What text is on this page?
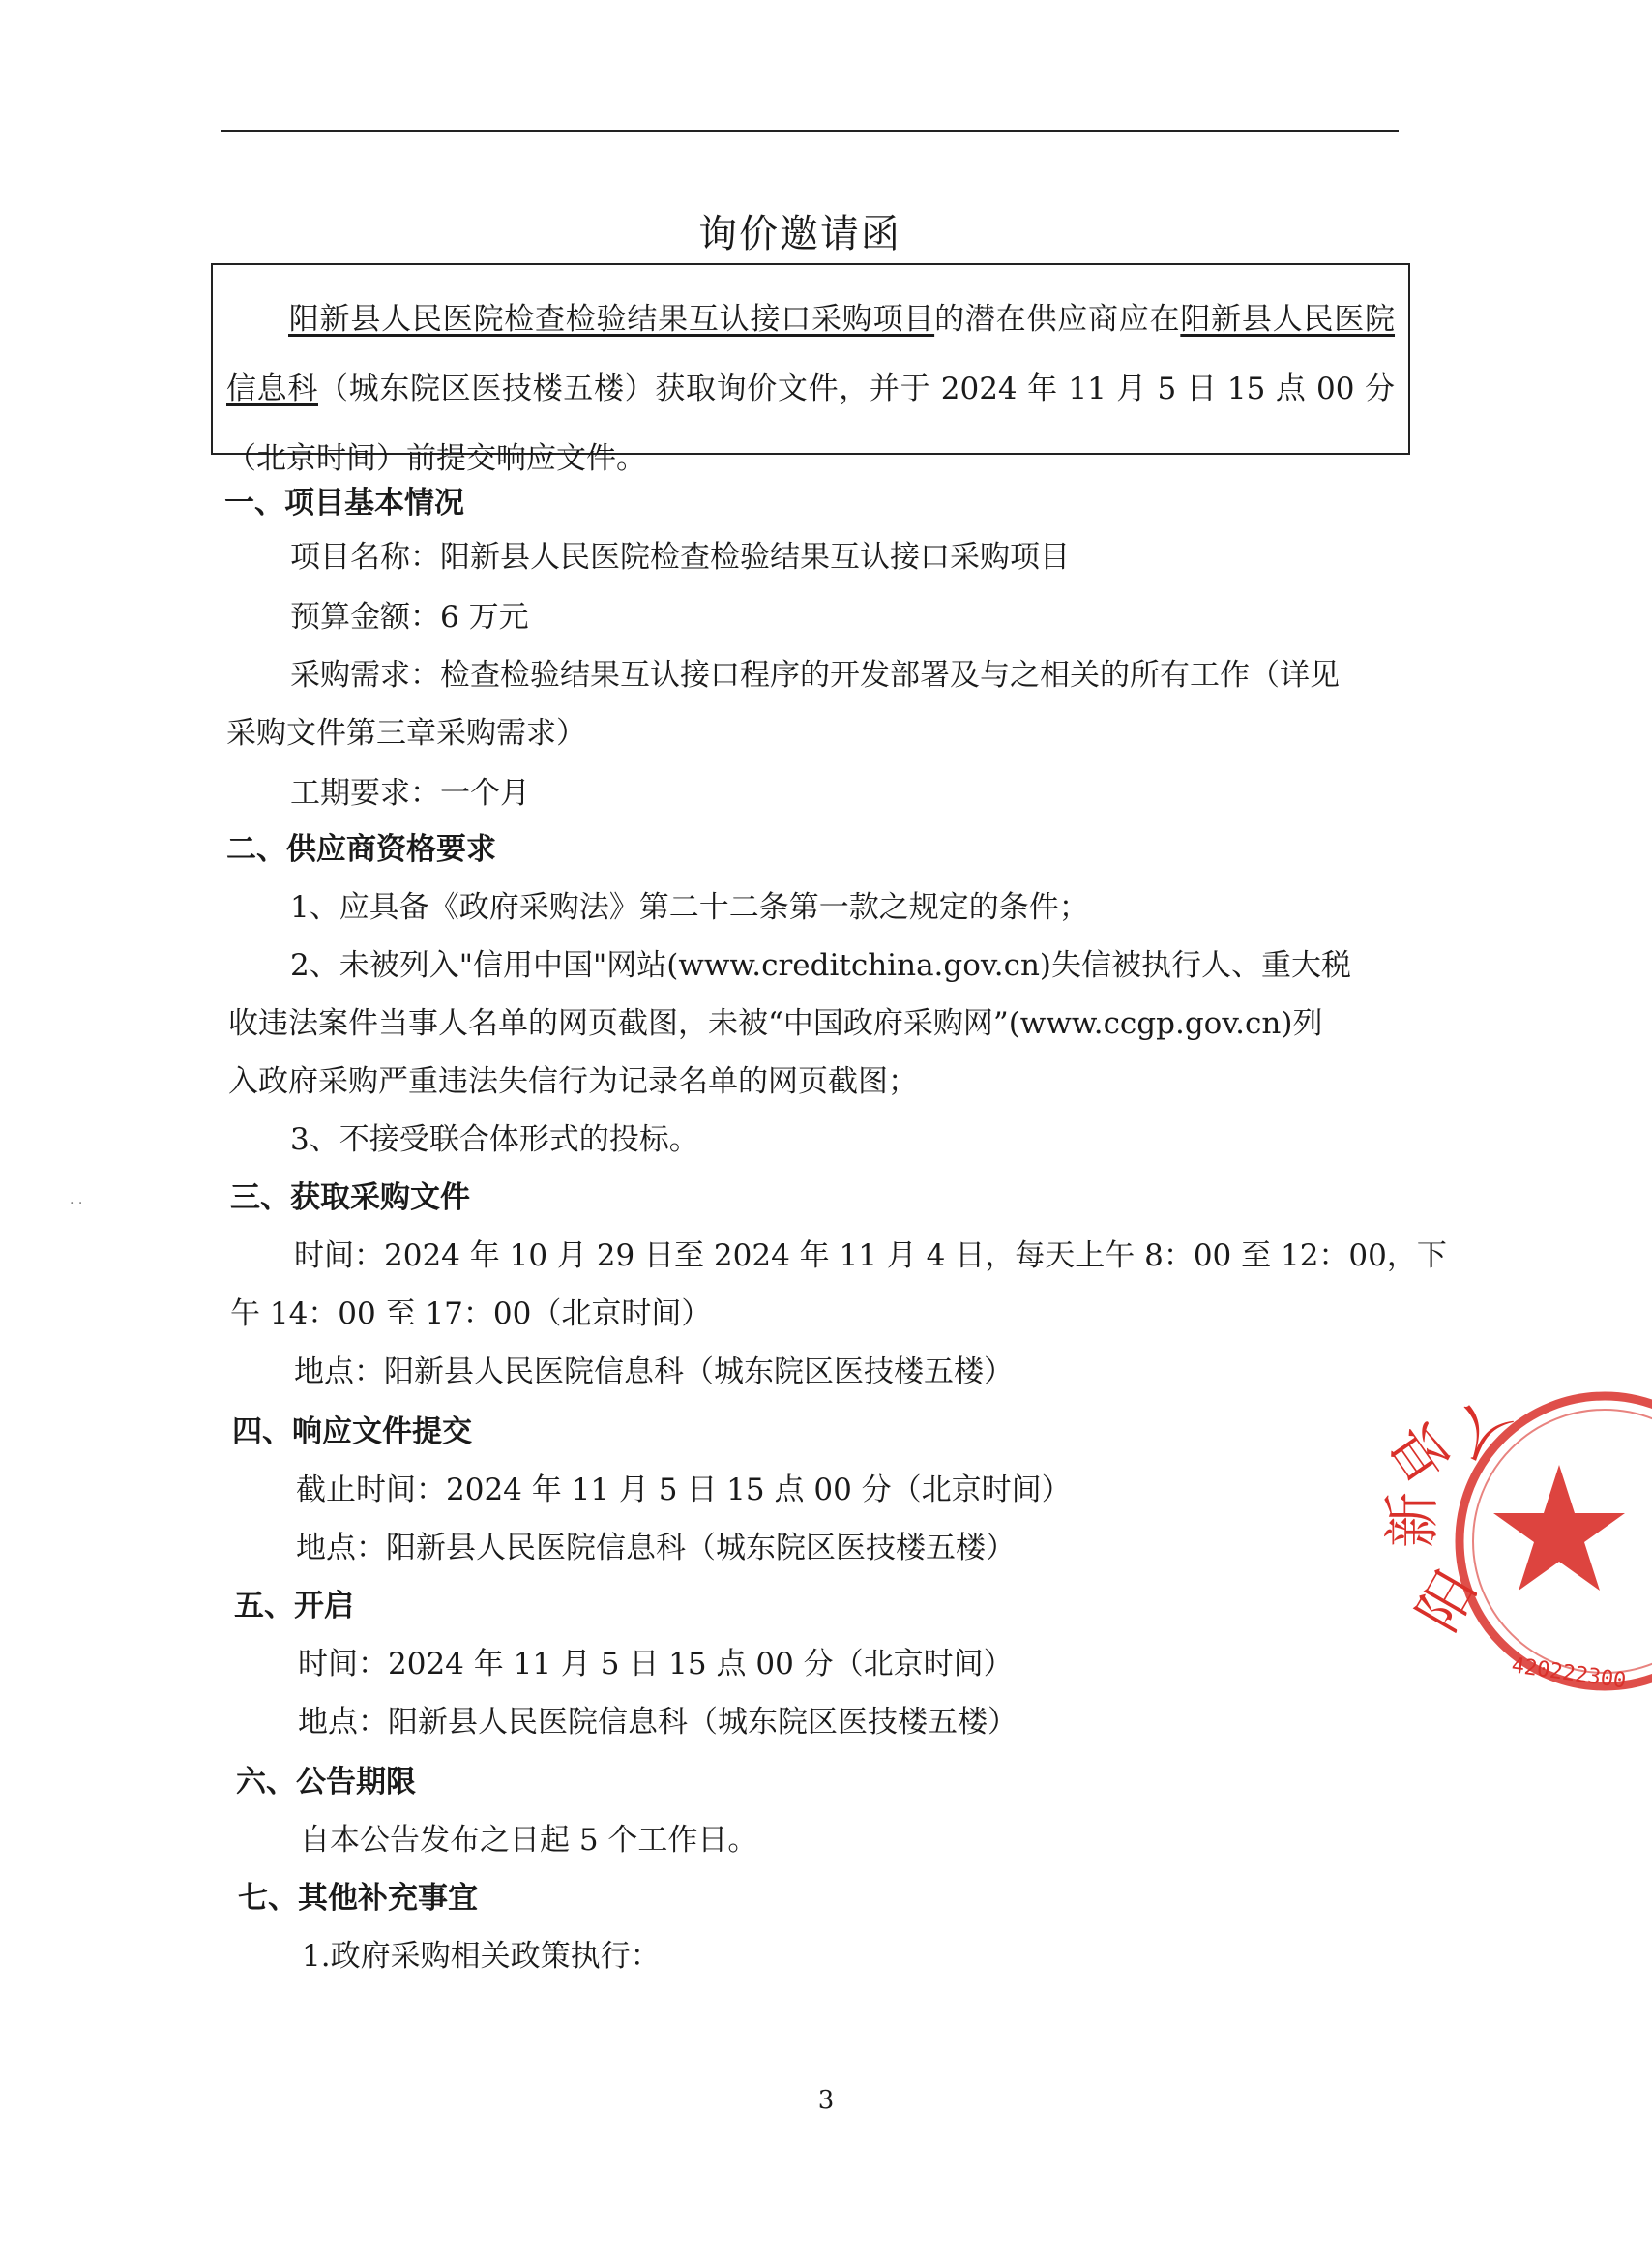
询价邀请函
阳新县人民医院检查检验结果互认接口采购项目的潜在供应商应在阳新县人民医院信息科（城东院区医技楼五楼）获取询价文件，并于 2024 年 11 月 5 日 15 点 00 分（北京时间）前提交响应文件。
一、项目基本情况
项目名称：阳新县人民医院检查检验结果互认接口采购项目
预算金额：6 万元
采购需求：检查检验结果互认接口程序的开发部署及与之相关的所有工作（详见
采购文件第三章采购需求）
工期要求：一个月
二、供应商资格要求
1、应具备《政府采购法》第二十二条第一款之规定的条件；
2、未被列入"信用中国"网站(www.creditchina.gov.cn)失信被执行人、重大税
收违法案件当事人名单的网页截图，未被“中国政府采购网”(www.ccgp.gov.cn)列
入政府采购严重违法失信行为记录名单的网页截图；
3、不接受联合体形式的投标。
. .	三、获取采购文件
时间：2024 年 10 月 29 日至 2024 年 11 月 4 日，每天上午 8：00 至 12：00，下
午 14：00 至 17：00（北京时间）
地点：阳新县人民医院信息科（城东院区医技楼五楼）
四、响应文件提交
截止时间：2024 年 11 月 5 日 15 点 00 分（北京时间）
地点：阳新县人民医院信息科（城东院区医技楼五楼）
五、开启
时间：2024 年 11 月 5 日 15 点 00 分（北京时间）
地点：阳新县人民医院信息科（城东院区医技楼五楼）
六、公告期限
自本公告发布之日起 5 个工作日。
七、其他补充事宜
1.政府采购相关政策执行：
3
阳
新
县
人
420222300
